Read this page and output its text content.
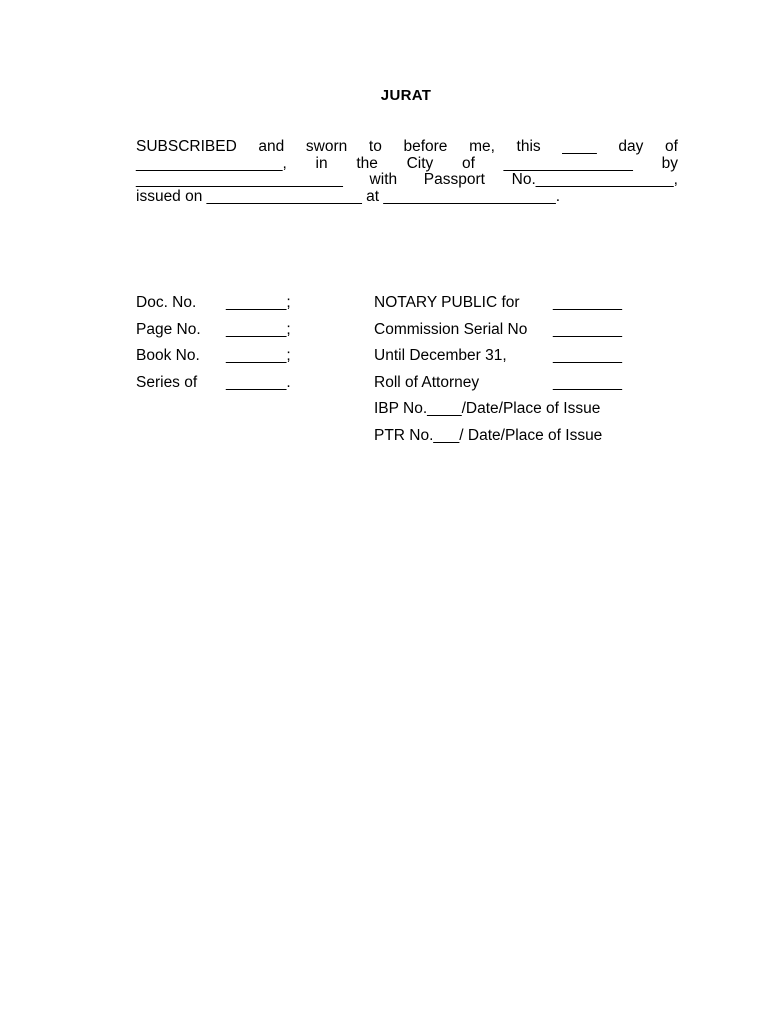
JURAT
SUBSCRIBED and sworn to before me, this ____ day of
_________________, in the City of _______________ by
________________________ with Passport No.________________,
issued on __________________ at ____________________.
Doc. No. _______;
Page No. _______;
Book No. _______;
Series of _______.
NOTARY PUBLIC for ________
Commission Serial No ________
Until December 31,	________
Roll of Attorney	________
IBP No.____/Date/Place of Issue
PTR No.___/ Date/Place of Issue
